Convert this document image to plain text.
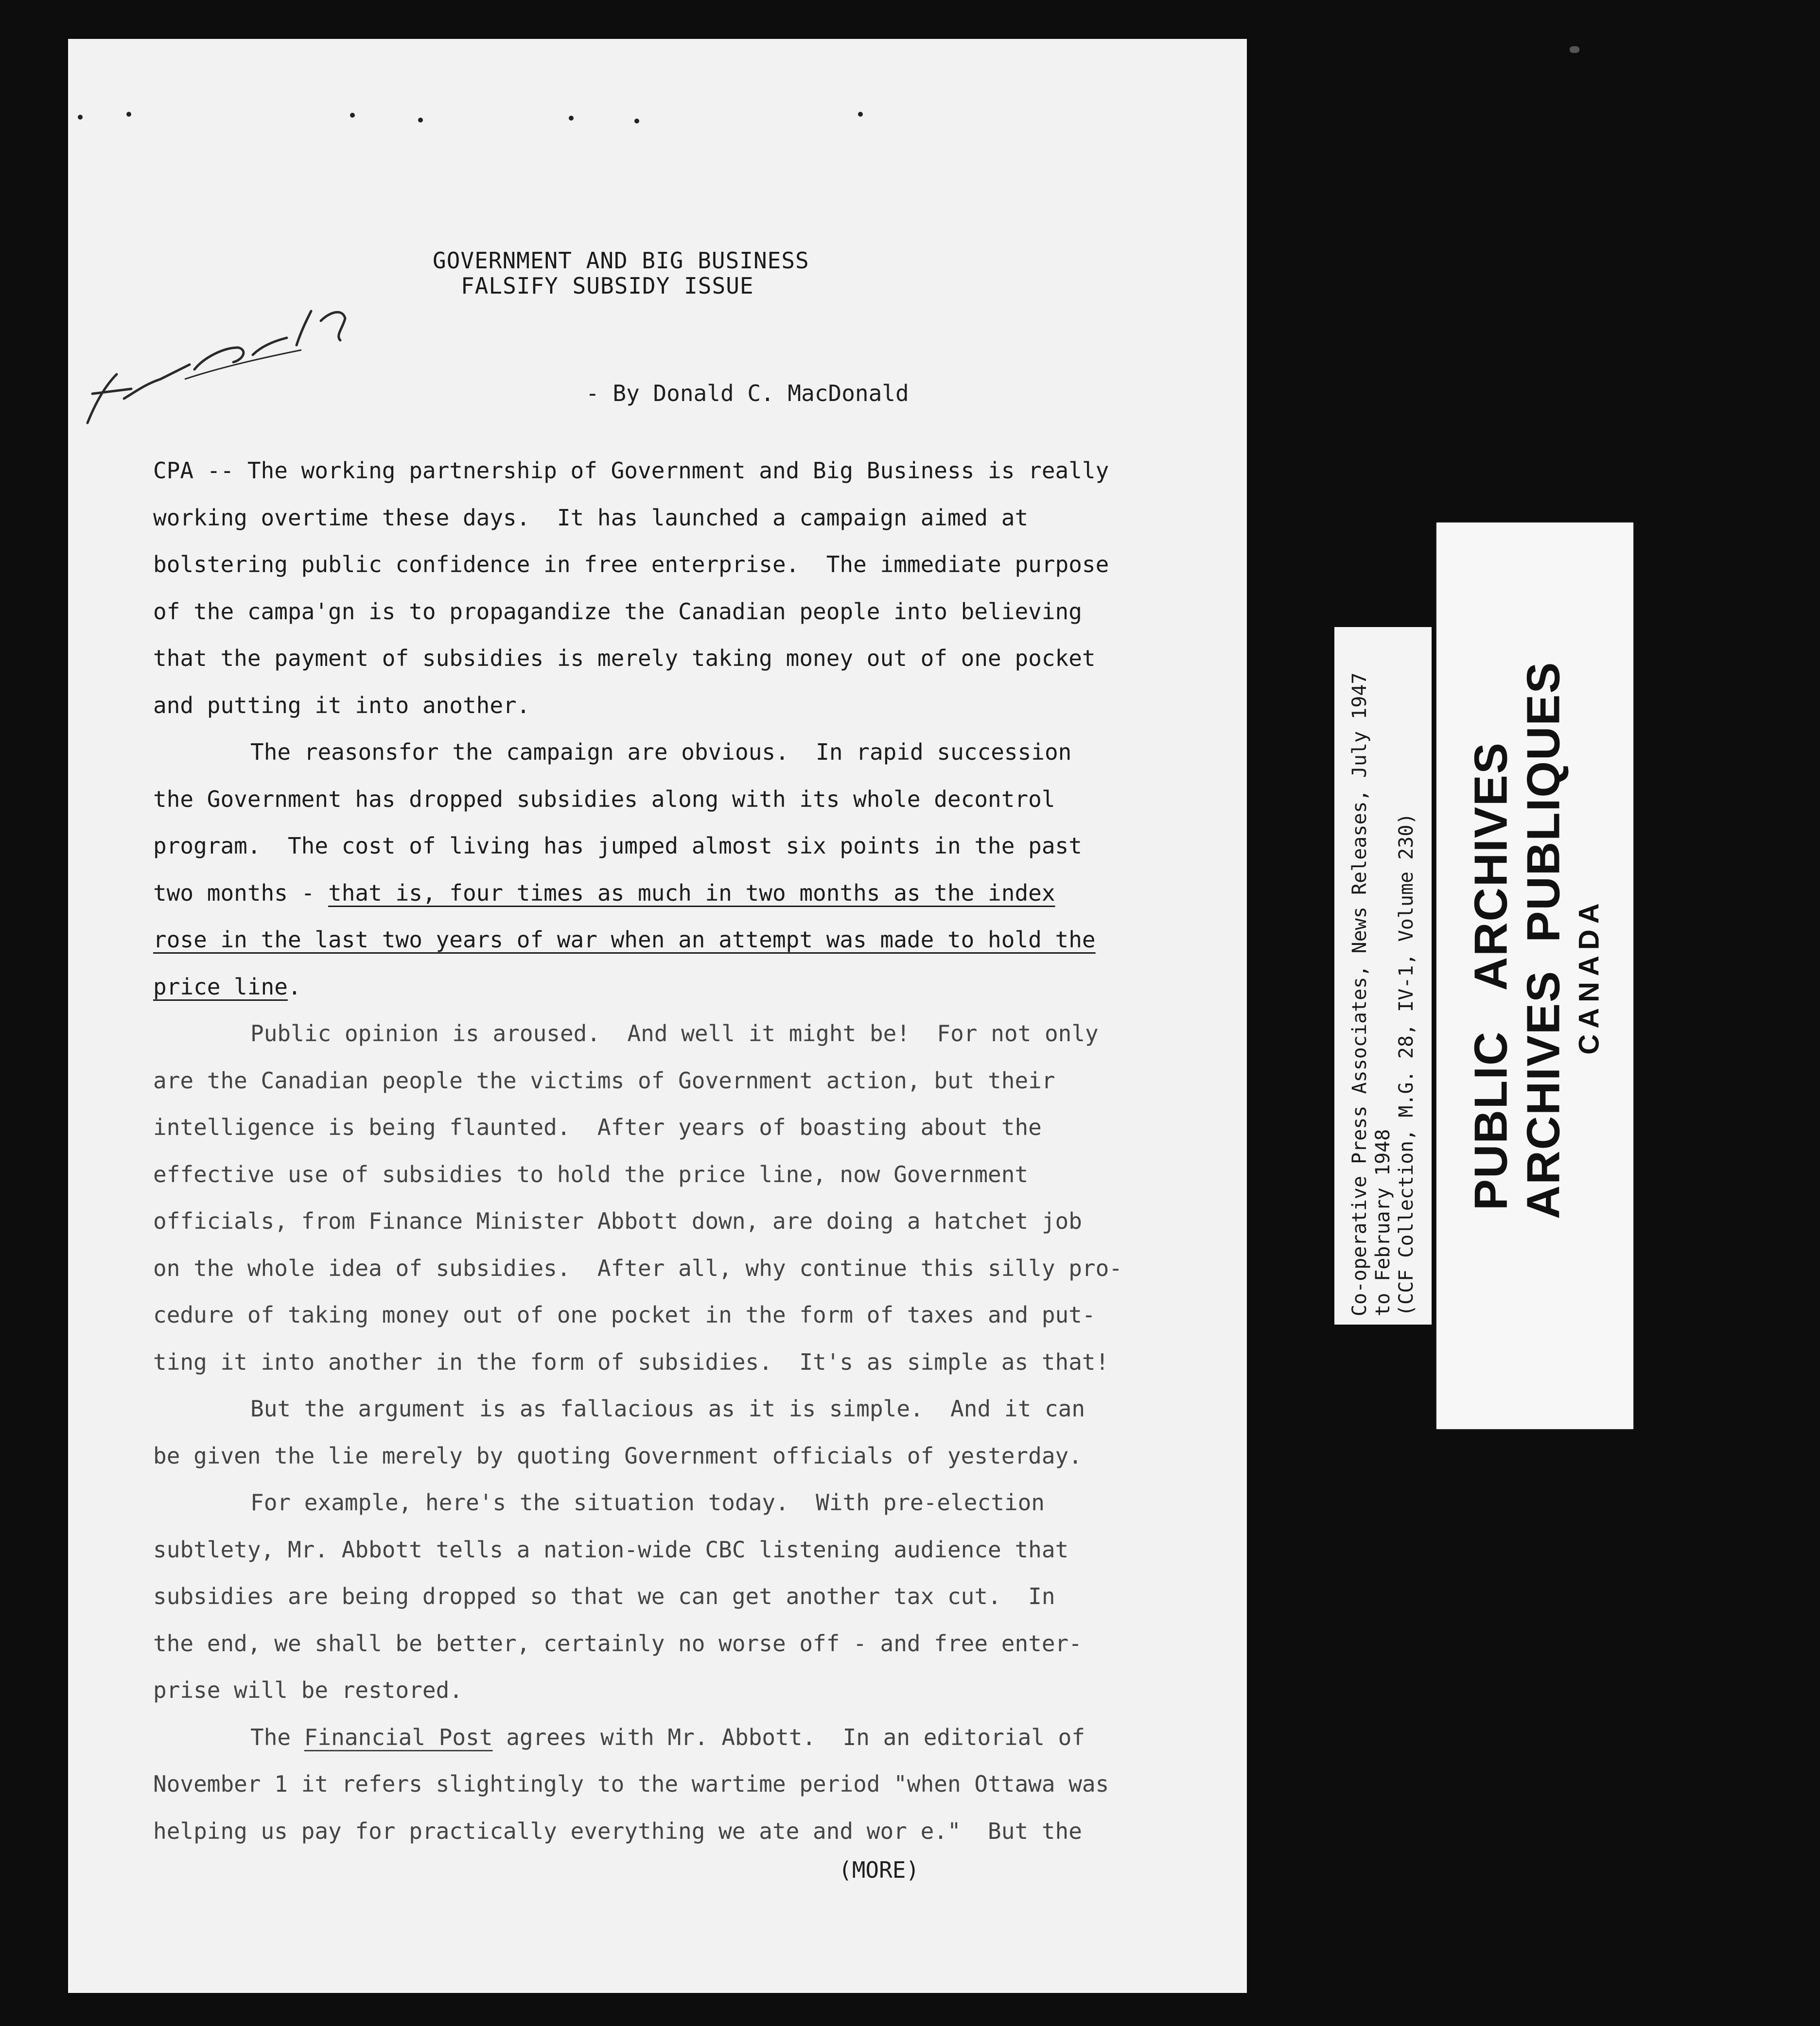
GOVERNMENT AND BIG BUSINESS
FALSIFY SUBSIDY ISSUE
- By Donald C. MacDonald
CPA -- The working partnership of Government and Big Business is really
working overtime these days.  It has launched a campaign aimed at
bolstering public confidence in free enterprise.  The immediate purpose
of the campa'gn is to propagandize the Canadian people into believing
that the payment of subsidies is merely taking money out of one pocket
and putting it into another.
The reasonsfor the campaign are obvious.  In rapid succession
the Government has dropped subsidies along with its whole decontrol
program.  The cost of living has jumped almost six points in the past
two months - that is, four times as much in two months as the index
rose in the last two years of war when an attempt was made to hold the
price line.
Public opinion is aroused.  And well it might be!  For not only
are the Canadian people the victims of Government action, but their
intelligence is being flaunted.  After years of boasting about the
effective use of subsidies to hold the price line, now Government
officials, from Finance Minister Abbott down, are doing a hatchet job
on the whole idea of subsidies.  After all, why continue this silly pro-
cedure of taking money out of one pocket in the form of taxes and put-
ting it into another in the form of subsidies.  It's as simple as that!
But the argument is as fallacious as it is simple.  And it can
be given the lie merely by quoting Government officials of yesterday.
For example, here's the situation today.  With pre-election
subtlety, Mr. Abbott tells a nation-wide CBC listening audience that
subsidies are being dropped so that we can get another tax cut.  In
the end, we shall be better, certainly no worse off - and free enter-
prise will be restored.
The Financial Post agrees with Mr. Abbott.  In an editorial of
November 1 it refers slightingly to the wartime period "when Ottawa was
helping us pay for practically everything we ate and wor e."  But the
(MORE)
Co-operative Press Associates, News Releases, July 1947 to February 1948 (CCF Collection, M.G. 28, IV-1, Volume 230) PUBLIC   ARCHIVES ARCHIVES  PUBLIQUES CANADA
